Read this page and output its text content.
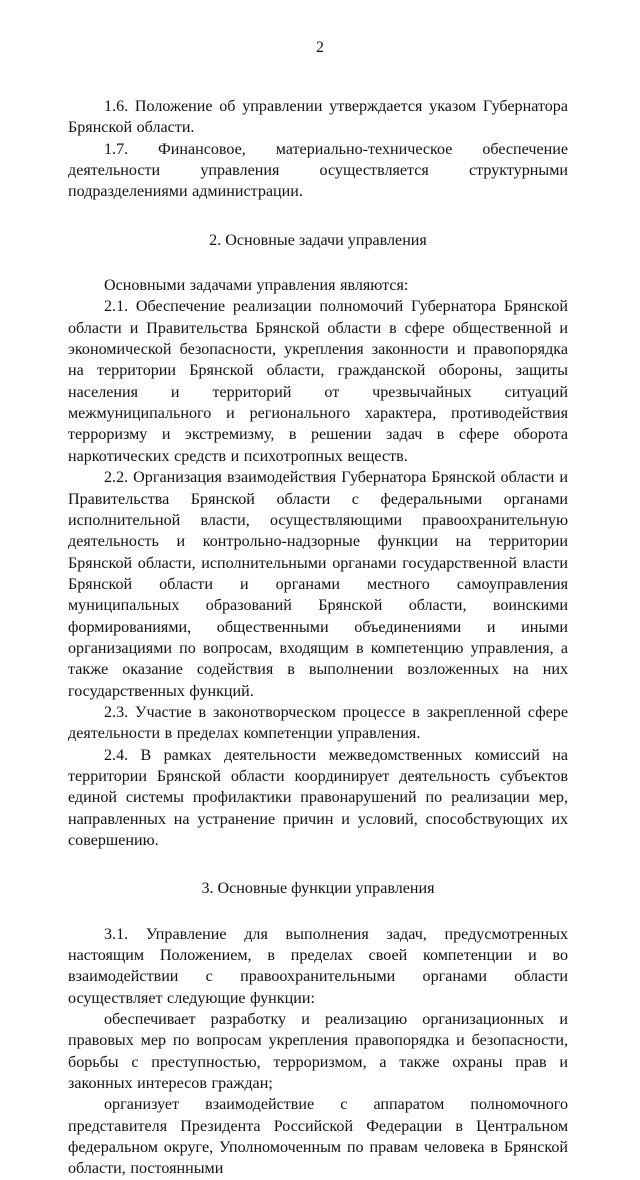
2

1.6. Положение об управлении утверждается указом Губернатора Брянской области.

1.7. Финансовое, материально-техническое обеспечение деятельности управления осуществляется структурными подразделениями администрации.

2. Основные задачи управления

Основными задачами управления являются:

2.1. Обеспечение реализации полномочий Губернатора Брянской области и Правительства Брянской области в сфере общественной и экономической безопасности, укрепления законности и правопорядка на территории Брянской области, гражданской обороны, защиты населения и территорий от чрезвычайных ситуаций межмуниципального и регионального характера, противодействия терроризму и экстремизму, в решении задач в сфере оборота наркотических средств и психотропных веществ.

2.2. Организация взаимодействия Губернатора Брянской области и Правительства Брянской области с федеральными органами исполнительной власти, осуществляющими правоохранительную деятельность и контрольно-надзорные функции на территории Брянской области, исполнительными органами государственной власти Брянской области и органами местного самоуправления муниципальных образований Брянской области, воинскими формированиями, общественными объединениями и иными организациями по вопросам, входящим в компетенцию управления, а также оказание содействия в выполнении возложенных на них государственных функций.

2.3. Участие в законотворческом процессе в закрепленной сфере деятельности в пределах компетенции управления.

2.4. В рамках деятельности межведомственных комиссий на территории Брянской области координирует деятельность субъектов единой системы профилактики правонарушений по реализации мер, направленных на устранение причин и условий, способствующих их совершению.

3. Основные функции управления

3.1. Управление для выполнения задач, предусмотренных настоящим Положением, в пределах своей компетенции и во взаимодействии с правоохранительными органами области осуществляет следующие функции:

обеспечивает разработку и реализацию организационных и правовых мер по вопросам укрепления правопорядка и безопасности, борьбы с преступностью, терроризмом, а также охраны прав и законных интересов граждан;

организует взаимодействие с аппаратом полномочного представителя Президента Российской Федерации в Центральном федеральном округе, Уполномоченным по правам человека в Брянской области, постоянными
